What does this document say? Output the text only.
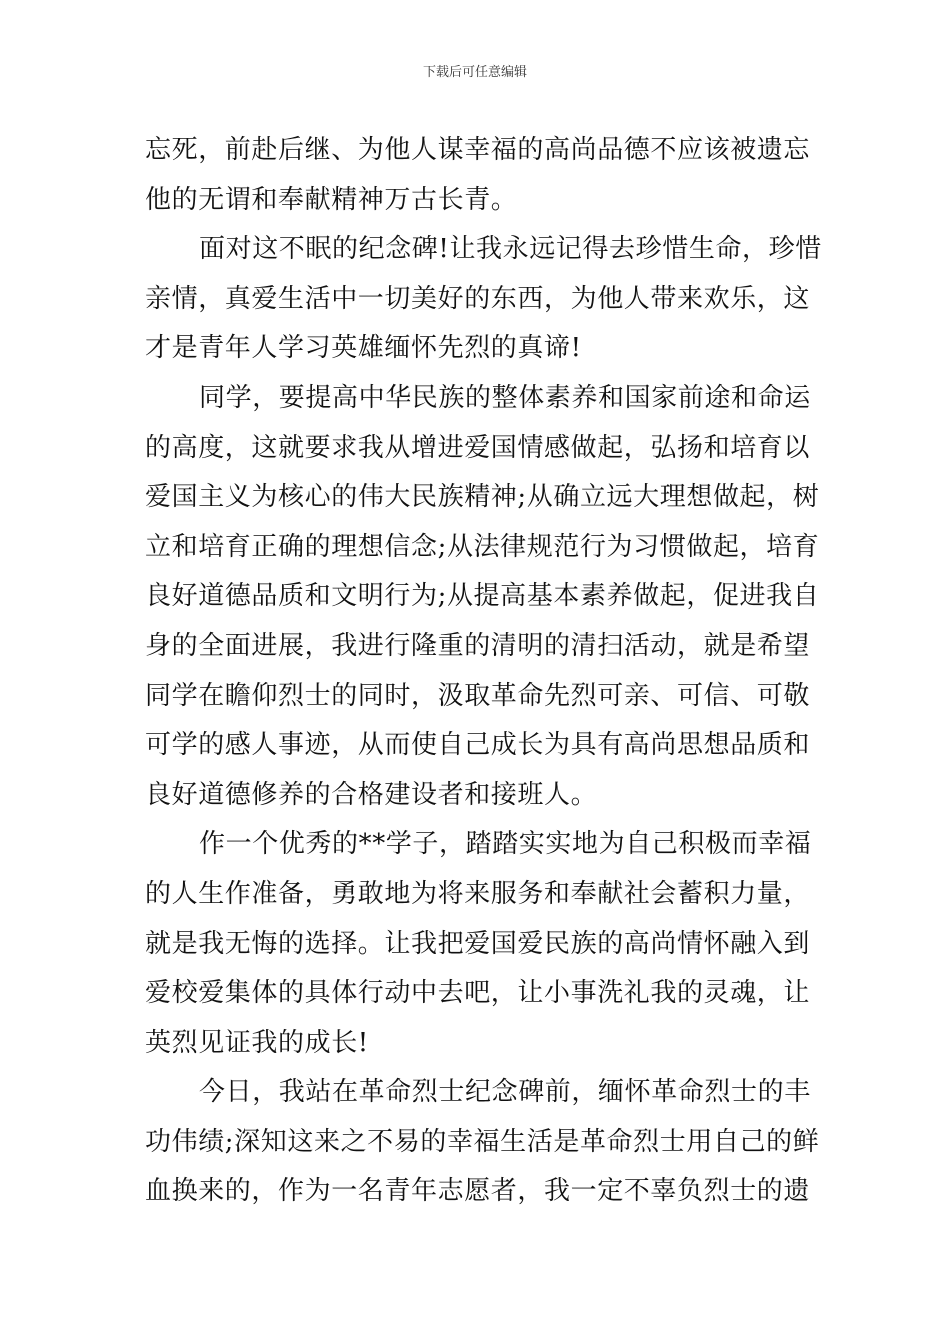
下载后可任意编辑
忘死，前赴后继、为他人谋幸福的高尚品德不应该被遗忘
他的无谓和奉献精神万古长青。
面对这不眠的纪念碑!让我永远记得去珍惜生命，珍惜
亲情，真爱生活中一切美好的东西，为他人带来欢乐，这
才是青年人学习英雄缅怀先烈的真谛!
同学，要提高中华民族的整体素养和国家前途和命运
的高度，这就要求我从增进爱国情感做起，弘扬和培育以
爱国主义为核心的伟大民族精神;从确立远大理想做起，树
立和培育正确的理想信念;从法律规范行为习惯做起，培育
良好道德品质和文明行为;从提高基本素养做起，促进我自
身的全面进展，我进行隆重的清明的清扫活动，就是希望
同学在瞻仰烈士的同时，汲取革命先烈可亲、可信、可敬
可学的感人事迹，从而使自己成长为具有高尚思想品质和
良好道德修养的合格建设者和接班人。
作一个优秀的**学子，踏踏实实地为自己积极而幸福
的人生作准备，勇敢地为将来服务和奉献社会蓄积力量，
就是我无悔的选择。让我把爱国爱民族的高尚情怀融入到
爱校爱集体的具体行动中去吧，让小事洗礼我的灵魂，让
英烈见证我的成长!
今日，我站在革命烈士纪念碑前，缅怀革命烈士的丰
功伟绩;深知这来之不易的幸福生活是革命烈士用自己的鲜
血换来的，作为一名青年志愿者，我一定不辜负烈士的遗
